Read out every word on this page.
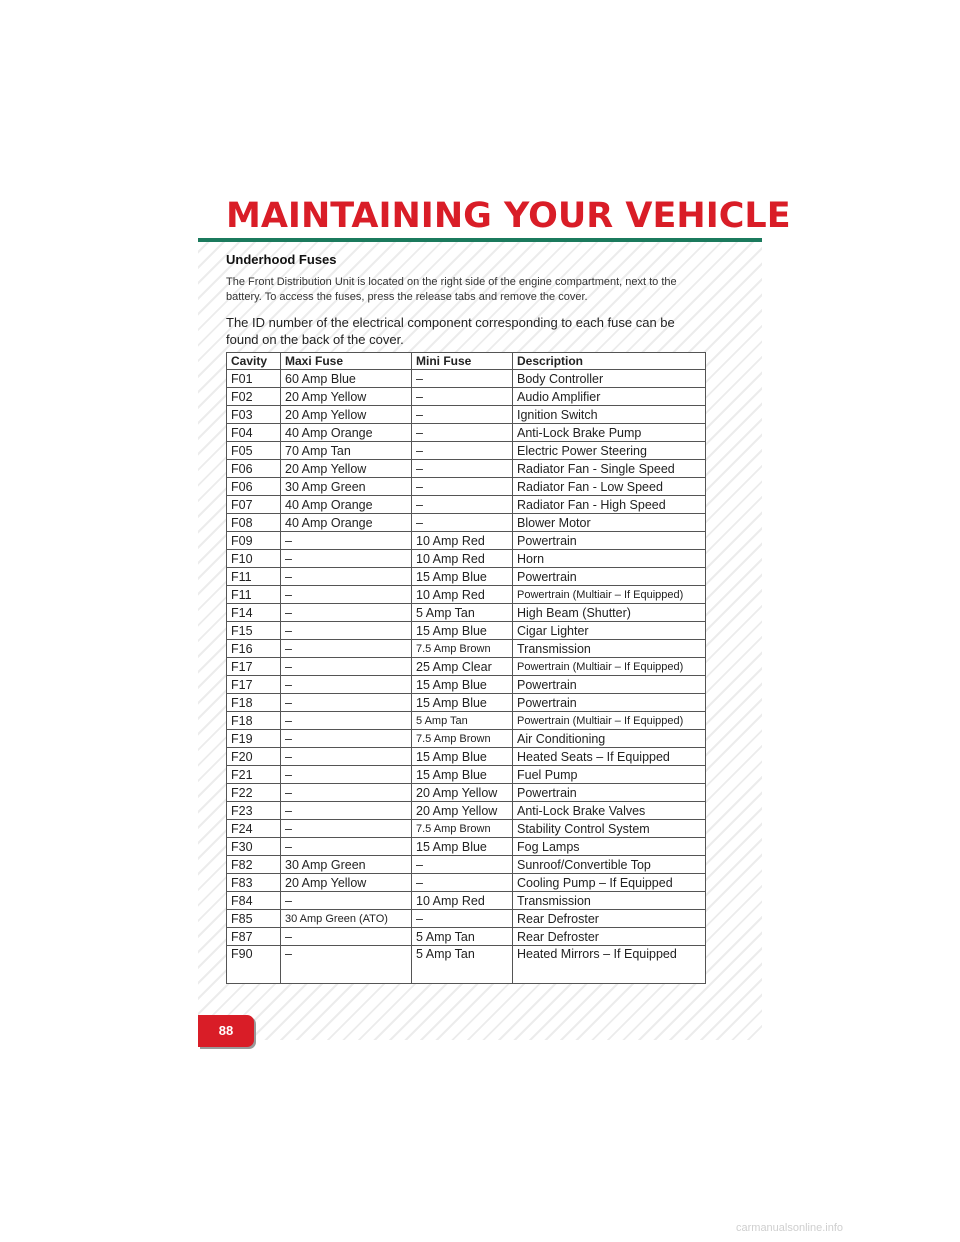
MAINTAINING YOUR VEHICLE
Underhood Fuses

The Front Distribution Unit is located on the right side of the engine compartment, next to the battery. To access the fuses, press the release tabs and remove the cover.

The ID number of the electrical component corresponding to each fuse can be found on the back of the cover.

Cavity	Maxi Fuse	Mini Fuse	Description
F01	60 Amp Blue	–	Body Controller
F02	20 Amp Yellow	–	Audio Amplifier
F03	20 Amp Yellow	–	Ignition Switch
F04	40 Amp Orange	–	Anti-Lock Brake Pump
F05	70 Amp Tan	–	Electric Power Steering
F06	20 Amp Yellow	–	Radiator Fan - Single Speed
F06	30 Amp Green	–	Radiator Fan - Low Speed
F07	40 Amp Orange	–	Radiator Fan - High Speed
F08	40 Amp Orange	–	Blower Motor
F09	–	10 Amp Red	Powertrain
F10	–	10 Amp Red	Horn
F11	–	15 Amp Blue	Powertrain
F11	–	10 Amp Red	Powertrain (Multiair – If Equipped)
F14	–	5 Amp Tan	High Beam (Shutter)
F15	–	15 Amp Blue	Cigar Lighter
F16	–	7.5 Amp Brown	Transmission
F17	–	25 Amp Clear	Powertrain (Multiair – If Equipped)
F17	–	15 Amp Blue	Powertrain
F18	–	15 Amp Blue	Powertrain
F18	–	5 Amp Tan	Powertrain (Multiair – If Equipped)
F19	–	7.5 Amp Brown	Air Conditioning
F20	–	15 Amp Blue	Heated Seats – If Equipped
F21	–	15 Amp Blue	Fuel Pump
F22	–	20 Amp Yellow	Powertrain
F23	–	20 Amp Yellow	Anti-Lock Brake Valves
F24	–	7.5 Amp Brown	Stability Control System
F30	–	15 Amp Blue	Fog Lamps
F82	30 Amp Green	–	Sunroof/Convertible Top
F83	20 Amp Yellow	–	Cooling Pump – If Equipped
F84	–	10 Amp Red	Transmission
F85	30 Amp Green (ATO)	–	Rear Defroster
F87	–	5 Amp Tan	Rear Defroster
F90	–	5 Amp Tan	Heated Mirrors – If Equipped
88
carmanualsonline.info
